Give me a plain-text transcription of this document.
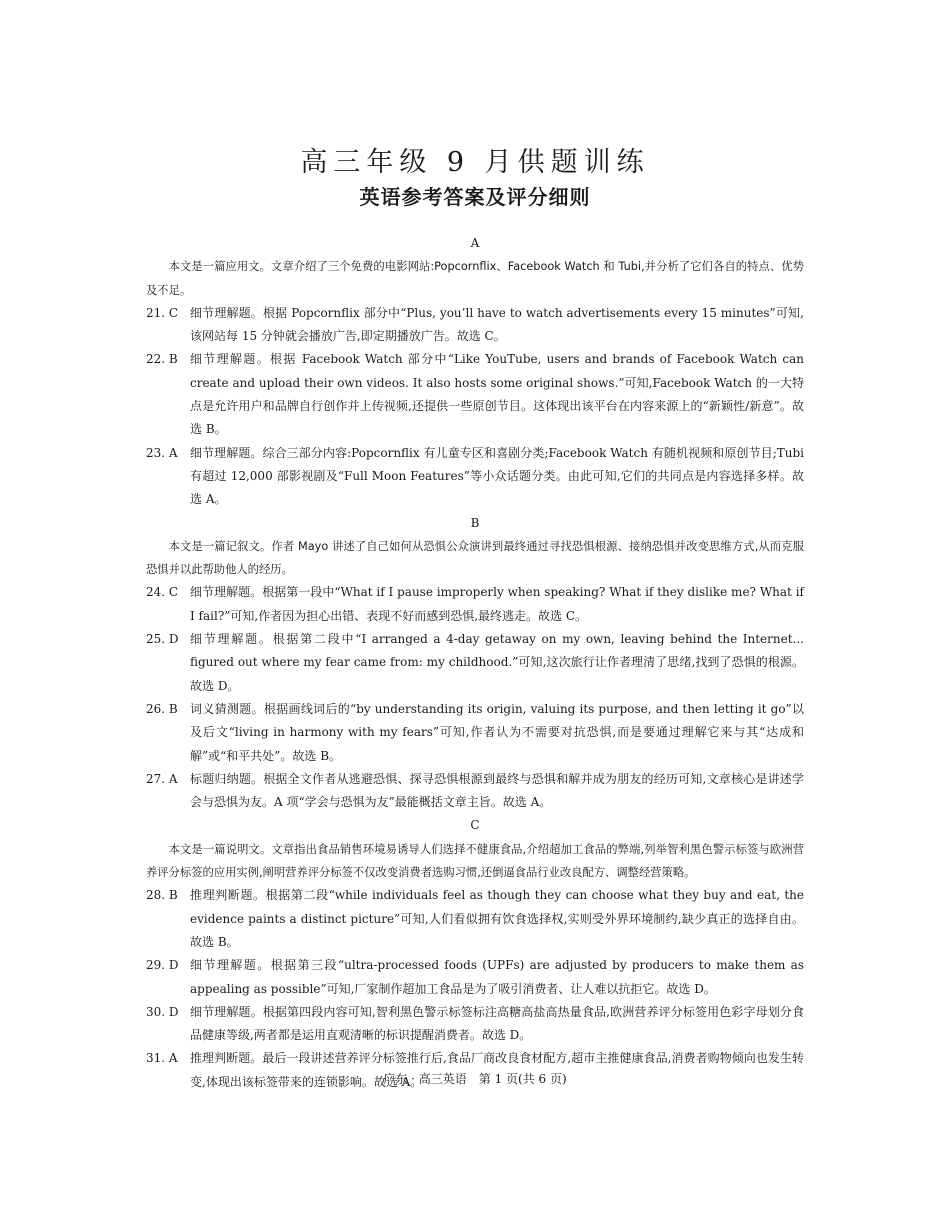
高三年级 9 月供题训练
英语参考答案及评分细则
A
本文是一篇应用文。文章介绍了三个免费的电影网站:Popcornflix、Facebook Watch 和 Tubi,并分析了它们各自的特点、优势及不足。
21. C 细节理解题。根据 Popcornflix 部分中“Plus, you’ll have to watch advertisements every 15 minutes”可知,该网站每 15 分钟就会播放广告,即定期播放广告。故选 C。
22. B	细节理解题。根据 Facebook Watch 部分中“Like YouTube, users and brands of Facebook Watch can create and upload their own videos. It also hosts some original shows.”可知,Facebook Watch 的一大特点是允许用户和品牌自行创作并上传视频,还提供一些原创节目。这体现出该平台在内容来源上的“新颖性/新意”。故选 B。
23. A	细节理解题。综合三部分内容:Popcornflix 有儿童专区和喜剧分类;Facebook Watch 有随机视频和原创节目;Tubi 有超过 12,000 部影视剧及“Full Moon Features”等小众话题分类。由此可知,它们的共同点是内容选择多样。故选 A。
B
本文是一篇记叙文。作者 Mayo 讲述了自己如何从恐惧公众演讲到最终通过寻找恐惧根源、接纳恐惧并改变思维方式,从而克服恐惧并以此帮助他人的经历。
24. C 细节理解题。根据第一段中“What if I pause improperly when speaking? What if they dislike me? What if I fail?”可知,作者因为担心出错、表现不好而感到恐惧,最终逃走。故选 C。
25. D 细节理解题。根据第二段中“I arranged a 4-day getaway on my own, leaving behind the Internet... figured out where my fear came from: my childhood.”可知,这次旅行让作者理清了思绪,找到了恐惧的根源。故选 D。
26. B	词义猜测题。根据画线词后的“by understanding its origin, valuing its purpose, and then letting it go”以及后文“living in harmony with my fears”可知,作者认为不需要对抗恐惧,而是要通过理解它来与其“达成和解”或“和平共处”。故选 B。
27. A	标题归纳题。根据全文作者从逃避恐惧、探寻恐惧根源到最终与恐惧和解并成为朋友的经历可知,文章核心是讲述学会与恐惧为友。A 项“学会与恐惧为友”最能概括文章主旨。故选 A。
C
本文是一篇说明文。文章指出食品销售环境易诱导人们选择不健康食品,介绍超加工食品的弊端,列举智利黑色警示标签与欧洲营养评分标签的应用实例,阐明营养评分标签不仅改变消费者选购习惯,还倒逼食品行业改良配方、调整经营策略。
28. B	推理判断题。根据第二段“while individuals feel as though they can choose what they buy and eat, the evidence paints a distinct picture”可知,人们看似拥有饮食选择权,实则受外界环境制约,缺少真正的选择自由。故选 B。
29. D 细节理解题。根据第三段“ultra-processed foods (UPFs) are adjusted by producers to make them as appealing as possible”可知,厂家制作超加工食品是为了吸引消费者、让人难以抗拒它。故选 D。
30. D 细节理解题。根据第四段内容可知,智利黑色警示标签标注高糖高盐高热量食品,欧洲营养评分标签用色彩字母划分食品健康等级,两者都是运用直观清晰的标识提醒消费者。故选 D。
31. A	推理判断题。最后一段讲述营养评分标签推行后,食品厂商改良食材配方,超市主推健康食品,消费者购物倾向也发生转变,体现出该标签带来的连锁影响。故选 A。
广东 · 高三英语　第 1 页(共 6 页)
